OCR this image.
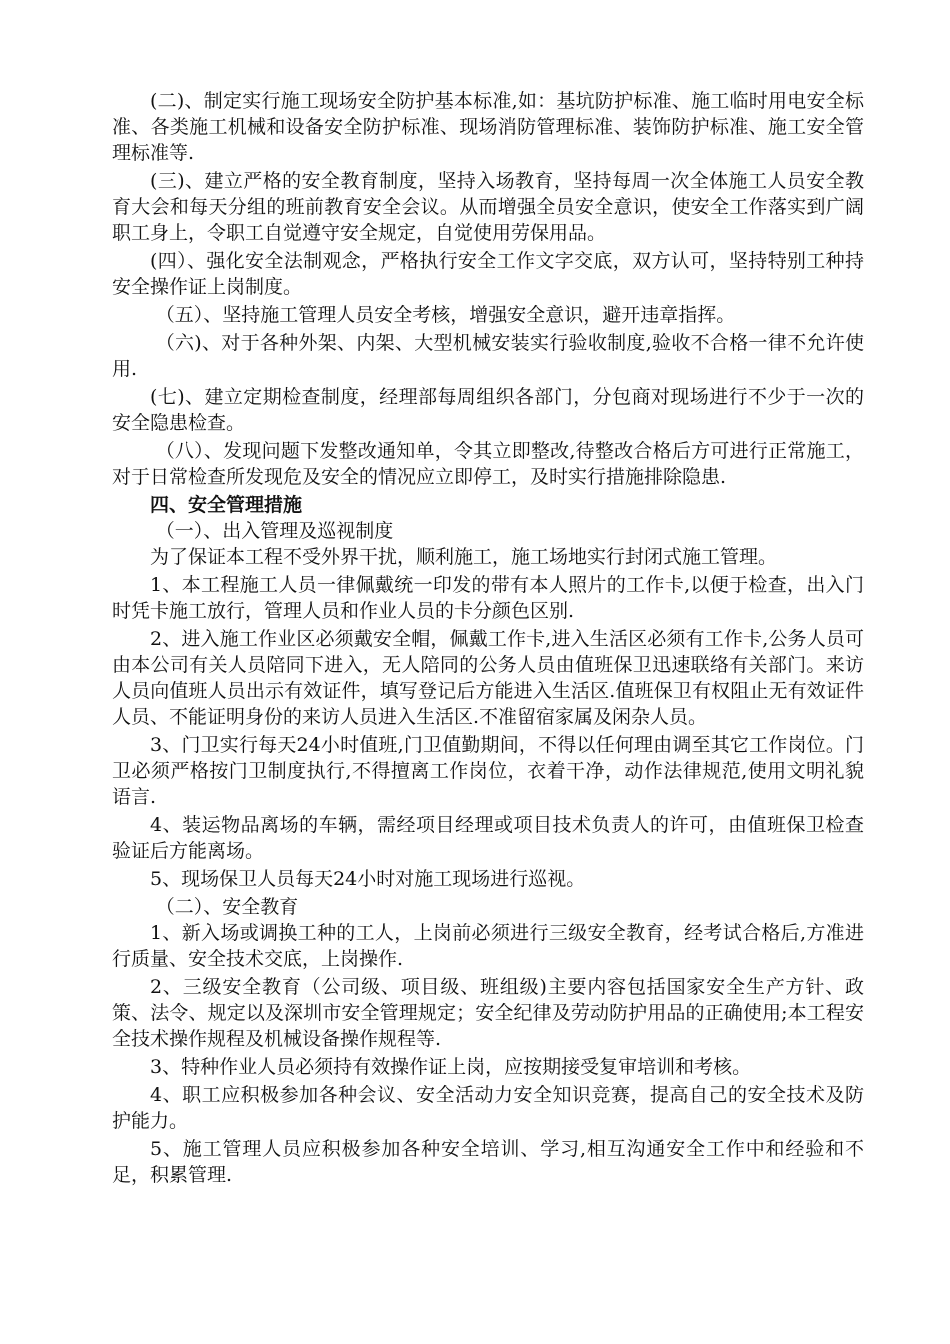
(二)、制定实行施工现场安全防护基本标准,如：基坑防护标准、施工临时用电安全标准、各类施工机械和设备安全防护标准、现场消防管理标准、装饰防护标准、施工安全管理标准等.

(三)、建立严格的安全教育制度，坚持入场教育，坚持每周一次全体施工人员安全教育大会和每天分组的班前教育安全会议。从而增强全员安全意识，使安全工作落实到广阔职工身上，令职工自觉遵守安全规定，自觉使用劳保用品。

(四）、强化安全法制观念，严格执行安全工作文字交底，双方认可，坚持特别工种持安全操作证上岗制度。

（五）、坚持施工管理人员安全考核，增强安全意识，避开违章指挥。

（六)、对于各种外架、内架、大型机械安装实行验收制度,验收不合格一律不允许使用.

(七)、建立定期检查制度，经理部每周组织各部门，分包商对现场进行不少于一次的安全隐患检查。

（八）、发现问题下发整改通知单，令其立即整改,待整改合格后方可进行正常施工，对于日常检查所发现危及安全的情况应立即停工，及时实行措施排除隐患.

四、安全管理措施

（一）、出入管理及巡视制度

为了保证本工程不受外界干扰，顺利施工，施工场地实行封闭式施工管理。

1、本工程施工人员一律佩戴统一印发的带有本人照片的工作卡,以便于检查，出入门时凭卡施工放行，管理人员和作业人员的卡分颜色区别.

2、进入施工作业区必须戴安全帽，佩戴工作卡,进入生活区必须有工作卡,公务人员可由本公司有关人员陪同下进入，无人陪同的公务人员由值班保卫迅速联络有关部门。来访人员向值班人员出示有效证件，填写登记后方能进入生活区.值班保卫有权阻止无有效证件人员、不能证明身份的来访人员进入生活区.不准留宿家属及闲杂人员。

3、门卫实行每天24小时值班,门卫值勤期间，不得以任何理由调至其它工作岗位。门卫必须严格按门卫制度执行,不得擅离工作岗位，衣着干净，动作法律规范,使用文明礼貌语言.

4、装运物品离场的车辆，需经项目经理或项目技术负责人的许可，由值班保卫检查验证后方能离场。

5、现场保卫人员每天24小时对施工现场进行巡视。

（二）、安全教育

1、新入场或调换工种的工人，上岗前必须进行三级安全教育，经考试合格后,方准进行质量、安全技术交底，上岗操作.

2、三级安全教育（公司级、项目级、班组级)主要内容包括国家安全生产方针、政策、法令、规定以及深圳市安全管理规定；安全纪律及劳动防护用品的正确使用;本工程安全技术操作规程及机械设备操作规程等.

3、特种作业人员必须持有效操作证上岗，应按期接受复审培训和考核。

4、职工应积极参加各种会议、安全活动力安全知识竞赛，提高自己的安全技术及防护能力。

5、施工管理人员应积极参加各种安全培训、学习,相互沟通安全工作中和经验和不足，积累管理.
